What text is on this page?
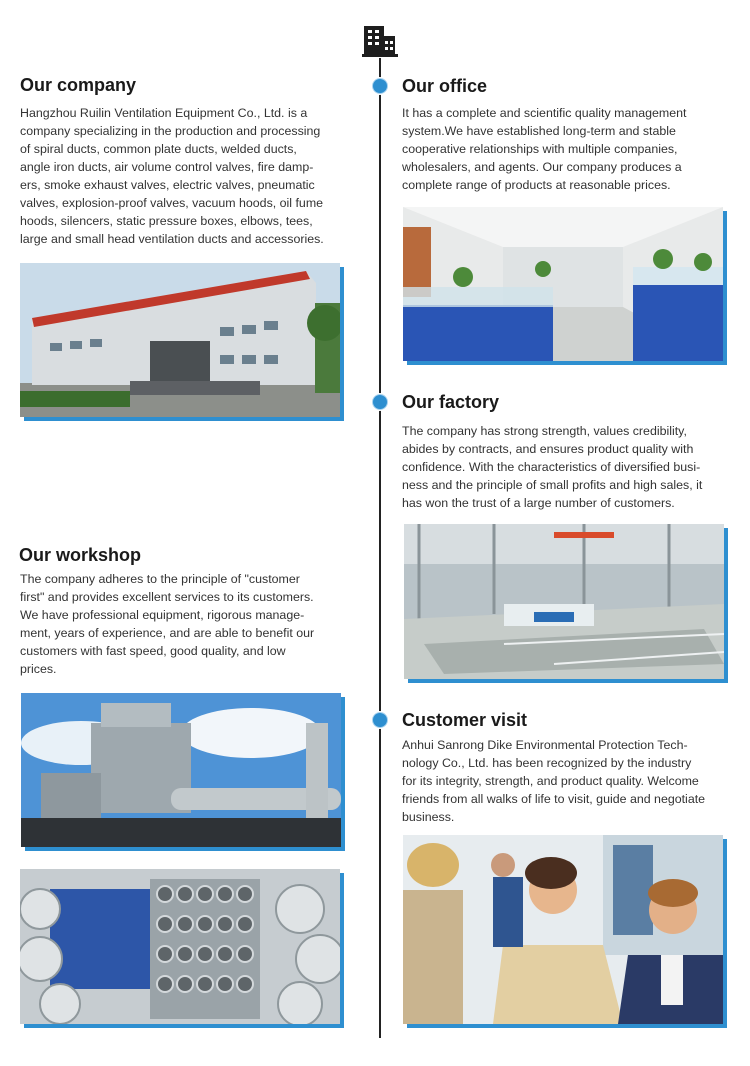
Our company

Hangzhou Ruilin Ventilation Equipment Co., Ltd. is a

company specializing in the production and processing

of spiral ducts, common plate ducts, welded ducts,

angle iron ducts, air volume control valves, fire damp-

ers, smoke exhaust valves, electric valves, pneumatic

valves, explosion-proof valves, vacuum hoods, oil fume

hoods, silencers, static pressure boxes, elbows, tees,

large and small head ventilation ducts and accessories.

Our office

It has a complete and scientific quality management

system.We have established long-term and stable

cooperative relationships with multiple companies,

wholesalers, and agents. Our company produces a

complete range of products at reasonable prices.

Our factory

The company has strong strength, values credibility,

abides by contracts, and ensures product quality with

confidence. With the characteristics of diversified busi-

ness and the principle of small profits and high sales, it

has won the trust of a large number of customers.

Our workshop

The company adheres to the principle of "customer

first" and provides excellent services to its customers.

We have professional equipment, rigorous manage-

ment, years of experience, and are able to benefit our

customers with fast speed, good quality, and low

prices.

Customer visit

Anhui Sanrong Dike Environmental Protection Tech-

nology Co., Ltd. has been recognized by the industry

for its integrity, strength, and product quality. Welcome

friends from all walks of life to visit, guide and negotiate

business.
